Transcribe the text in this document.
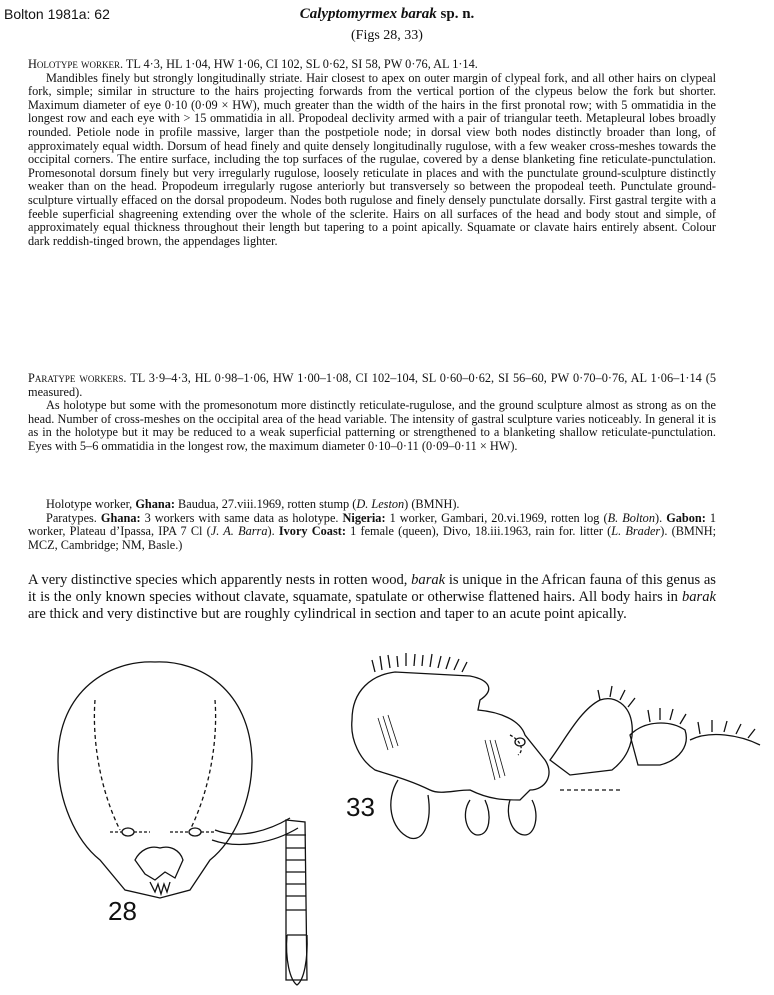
Bolton 1981a: 62	Calyptomyrmex barak sp. n.
(Figs 28, 33)

Holotype worker. TL 4·3, HL 1·04, HW 1·06, CI 102, SL 0·62, SI 58, PW 0·76, AL 1·14.

Mandibles finely but strongly longitudinally striate. Hair closest to apex on outer margin of clypeal fork, and all other hairs on clypeal fork, simple; similar in structure to the hairs projecting forwards from the vertical portion of the clypeus below the fork but shorter. Maximum diameter of eye 0·10 (0·09 × HW), much greater than the width of the hairs in the first pronotal row; with 5 ommatidia in the longest row and each eye with > 15 ommatidia in all. Propodeal declivity armed with a pair of triangular teeth. Metapleural lobes broadly rounded. Petiole node in profile massive, larger than the postpetiole node; in dorsal view both nodes distinctly broader than long, of approximately equal width. Dorsum of head finely and quite densely longitudinally rugulose, with a few weaker cross-meshes towards the occipital corners. The entire surface, including the top surfaces of the rugulae, covered by a dense blanketing fine reticulate-punctulation. Promesonotal dorsum finely but very irregularly rugulose, loosely reticulate in places and with the punctulate ground-sculpture distinctly weaker than on the head. Propodeum irregularly rugose anteriorly but transversely so between the propodeal teeth. Punctulate ground-sculpture virtually effaced on the dorsal propodeum. Nodes both rugulose and finely densely punctulate dorsally. First gastral tergite with a feeble superficial shagreening extending over the whole of the sclerite. Hairs on all surfaces of the head and body stout and simple, of approximately equal thickness throughout their length but tapering to a point apically. Squamate or clavate hairs entirely absent. Colour dark reddish-tinged brown, the appendages lighter.

Paratype workers. TL 3·9–4·3, HL 0·98–1·06, HW 1·00–1·08, CI 102–104, SL 0·60–0·62, SI 56–60, PW 0·70–0·76, AL 1·06–1·14 (5 measured).

As holotype but some with the promesonotum more distinctly reticulate-rugulose, and the ground sculpture almost as strong as on the head. Number of cross-meshes on the occipital area of the head variable. The intensity of gastral sculpture varies noticeably. In general it is as in the holotype but it may be reduced to a weak superficial patterning or strengthened to a blanketing shallow reticulate-punctulation. Eyes with 5–6 ommatidia in the longest row, the maximum diameter 0·10–0·11 (0·09–0·11 × HW).

Holotype worker, Ghana: Baudua, 27.viii.1969, rotten stump (D. Leston) (BMNH).

Paratypes. Ghana: 3 workers with same data as holotype. Nigeria: 1 worker, Gambari, 20.vi.1969, rotten log (B. Bolton). Gabon: 1 worker, Plateau d’Ipassa, IPA 7 Cl (J. A. Barra). Ivory Coast: 1 female (queen), Divo, 18.iii.1963, rain for. litter (L. Brader). (BMNH; MCZ, Cambridge; NM, Basle.)

A very distinctive species which apparently nests in rotten wood, barak is unique in the African fauna of this genus as it is the only known species without clavate, squamate, spatulate or otherwise flattened hairs. All body hairs in barak are thick and very distinctive but are roughly cylindrical in section and taper to an acute point apically.
28
33
